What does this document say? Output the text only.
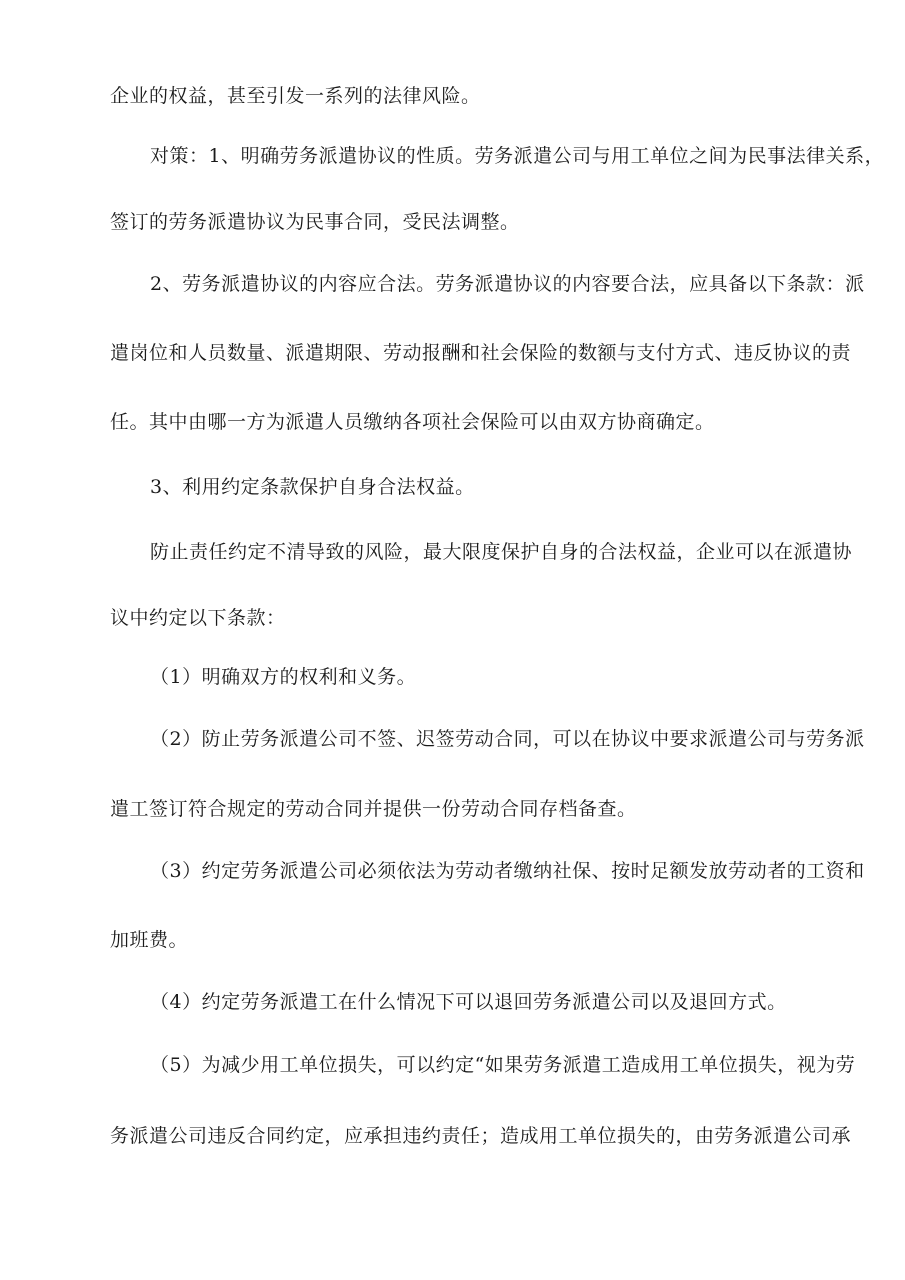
企业的权益，甚至引发一系列的法律风险。

对策：1、明确劳务派遣协议的性质。劳务派遣公司与用工单位之间为民事法律关系，

签订的劳务派遣协议为民事合同，受民法调整。

2、劳务派遣协议的内容应合法。劳务派遣协议的内容要合法，应具备以下条款：派

遣岗位和人员数量、派遣期限、劳动报酬和社会保险的数额与支付方式、违反协议的责

任。其中由哪一方为派遣人员缴纳各项社会保险可以由双方协商确定。

3、利用约定条款保护自身合法权益。

防止责任约定不清导致的风险，最大限度保护自身的合法权益，企业可以在派遣协

议中约定以下条款：

（1）明确双方的权利和义务。

（2）防止劳务派遣公司不签、迟签劳动合同，可以在协议中要求派遣公司与劳务派

遣工签订符合规定的劳动合同并提供一份劳动合同存档备查。

（3）约定劳务派遣公司必须依法为劳动者缴纳社保、按时足额发放劳动者的工资和

加班费。

（4）约定劳务派遣工在什么情况下可以退回劳务派遣公司以及退回方式。

（5）为减少用工单位损失，可以约定“如果劳务派遣工造成用工单位损失，视为劳

务派遣公司违反合同约定，应承担违约责任；造成用工单位损失的，由劳务派遣公司承
